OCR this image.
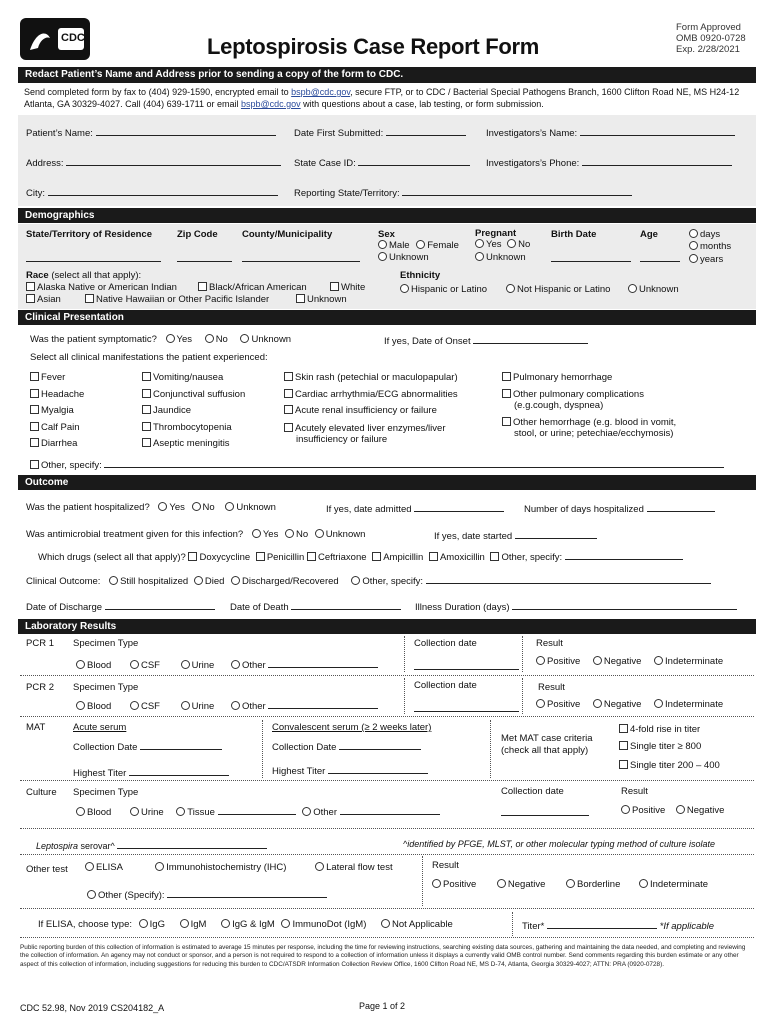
CDC	Leptospirosis Case Report Form
Form Approved
OMB 0920-0728
Exp. 2/28/2021
Redact Patient’s Name and Address prior to sending a copy of the form to CDC.
Send completed form by fax to (404) 929-1590, encrypted email to bspb@cdc.gov, secure FTP, or to CDC / Bacterial Special Pathogens Branch, 1600 Clifton Road NE, MS H24-12
Atlanta, GA 30329-4027. Call (404) 639-1711 or email bspb@cdc.gov with questions about a case, lab testing, or form submission.
Patient’s Name:	Date First Submitted:	Investigators’s Name:
Address:	State Case ID:	Investigators’s Phone:
City:	Reporting State/Territory:
Demographics
State/Territory of Residence	Zip Code	County/Municipality	Sex	Pregnant	Birth Date	Age
Male Female
Unknown
Yes No
Unknown
days
months
years
Race (select all that apply):
Alaska Native or American Indian	Black/African American	White
Asian	Native Hawaiian or Other Pacific Islander	Unknown
Ethnicity
Hispanic or Latino	Not Hispanic or Latino	Unknown
Clinical Presentation
Was the patient symptomatic? Yes No Unknown	If yes, Date of Onset
Select all clinical manifestations the patient experienced:
Fever
Headache
Myalgia
Calf Pain
Diarrhea
Vomiting/nausea
Conjunctival suffusion
Jaundice
Thrombocytopenia
Aseptic meningitis
Skin rash (petechial or maculopapular)
Cardiac arrhythmia/ECG abnormalities
Acute renal insufficiency or failure
Acutely elevated liver enzymes/liver
insufficiency or failure
Pulmonary hemorrhage
Other pulmonary complications
(e.g.cough, dyspnea)
Other hemorrhage (e.g. blood in vomit,
stool, or urine; petechiae/ecchymosis)
Other, specify:
Outcome
Was the patient hospitalized? Yes No Unknown	If yes, date admitted	Number of days hospitalized
Was antimicrobial treatment given for this infection? Yes No Unknown	If yes, date started
Which drugs (select all that apply)? Doxycycline Penicillin Ceftriaxone Ampicillin Amoxicillin Other, specify:
Clinical Outcome: Still hospitalized Died Discharged/Recovered Other, specify:
Date of Discharge	Date of Death	Illness Duration (days)
Laboratory Results
PCR 1 Specimen Type
Blood	CSF	Urine	Other
Collection date	Result
Positive Negative Indeterminate
PCR 2 Specimen Type
Blood	CSF	Urine	Other
Collection date	Result
Positive Negative Indeterminate
MAT	Acute serum	Convalescent serum (≥ 2 weeks later)
Collection Date	Collection Date
Highest Titer	Highest Titer
Met MAT case criteria
(check all that apply)
4-fold rise in titer
Single titer ≥ 800
Single titer 200 – 400
Culture Specimen Type
Blood	Urine Tissue	Other
Collection date	Result
Positive Negative
Leptospira serovar^	^identified by PFGE, MLST, or other molecular typing method of culture isolate
Other test	ELISA	Immunohistochemistry (IHC)	Lateral flow test
Other (Specify):
Result
Positive	Negative	Borderline	Indeterminate
If ELISA, choose type: IgG	IgM	IgG & IgM ImmunoDot (IgM)	Not Applicable	Titer*	*If applicable
Public reporting burden of this collection of information is estimated to average 15 minutes per response, including the time for reviewing instructions, searching existing data sources, gathering and maintaining the data needed, and completing and reviewing the collection of information. An agency may not conduct or sponsor, and a person is not required to respond to a collection of information unless it displays a currently valid OMB control number. Send comments regarding this burden estimate or any other aspect of this collection of information, including suggestions for reducing this burden to CDC/ATSDR Information Collection Review Office, 1600 Clifton Road NE, MS D-74, Atlanta, Georgia 30329-4027; ATTN: PRA (0920-0728).
CDC 52.98, Nov 2019 CS204182_A	Page 1 of 2
